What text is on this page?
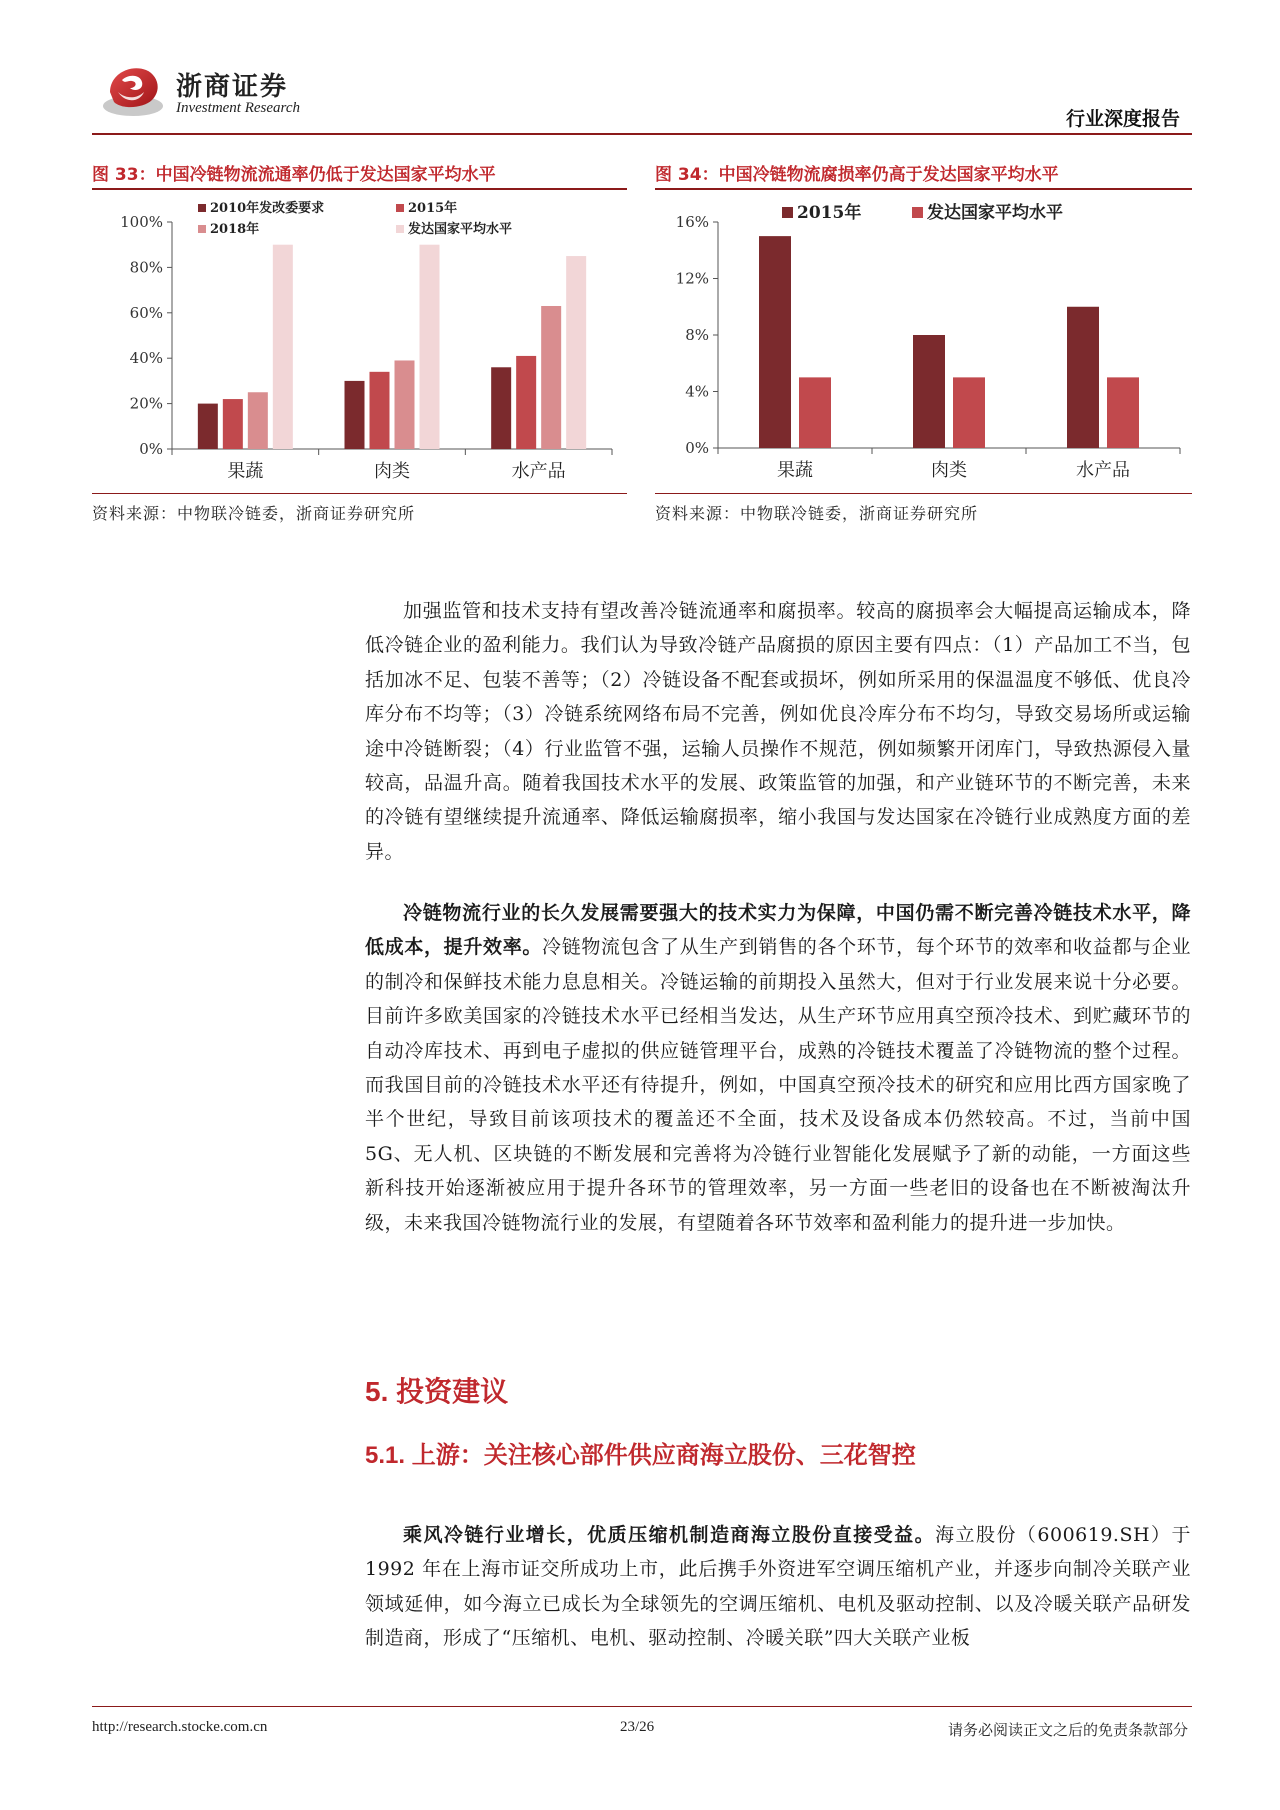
浙商证券
Investment Research	行业深度报告
图 33：中国冷链物流流通率仍低于发达国家平均水平
0%
20%
40%
60%
80%
100%
果蔬	肉类	水产品
2010年发改委要求	2015年
2018年	发达国家平均水平
资料来源：中物联冷链委，浙商证券研究所
图 34：中国冷链物流腐损率仍高于发达国家平均水平
0%
4%
8%
12%
16%
果蔬	肉类	水产品
2015年	发达国家平均水平
资料来源：中物联冷链委，浙商证券研究所
加强监管和技术支持有望改善冷链流通率和腐损率。较高的腐损率会大幅提高运输成本，降低冷链企业的盈利能力。我们认为导致冷链产品腐损的原因主要有四点：（1）产品加工不当，包括加冰不足、包装不善等；（2）冷链设备不配套或损坏，例如所采用的保温温度不够低、优良冷库分布不均等；（3）冷链系统网络布局不完善，例如优良冷库分布不均匀，导致交易场所或运输途中冷链断裂；（4）行业监管不强，运输人员操作不规范，例如频繁开闭库门，导致热源侵入量较高，品温升高。随着我国技术水平的发展、政策监管的加强，和产业链环节的不断完善，未来的冷链有望继续提升流通率、降低运输腐损率，缩小我国与发达国家在冷链行业成熟度方面的差异。
冷链物流行业的长久发展需要强大的技术实力为保障，中国仍需不断完善冷链技术水平，降低成本，提升效率。冷链物流包含了从生产到销售的各个环节，每个环节的效率和收益都与企业的制冷和保鲜技术能力息息相关。冷链运输的前期投入虽然大，但对于行业发展来说十分必要。目前许多欧美国家的冷链技术水平已经相当发达，从生产环节应用真空预冷技术、到贮藏环节的自动冷库技术、再到电子虚拟的供应链管理平台，成熟的冷链技术覆盖了冷链物流的整个过程。而我国目前的冷链技术水平还有待提升，例如，中国真空预冷技术的研究和应用比西方国家晚了半个世纪，导致目前该项技术的覆盖还不全面，技术及设备成本仍然较高。不过，当前中国 5G、无人机、区块链的不断发展和完善将为冷链行业智能化发展赋予了新的动能，一方面这些新科技开始逐渐被应用于提升各环节的管理效率，另一方面一些老旧的设备也在不断被淘汰升级，未来我国冷链物流行业的发展，有望随着各环节效率和盈利能力的提升进一步加快。
5. 投资建议
5.1. 上游：关注核心部件供应商海立股份、三花智控
乘风冷链行业增长，优质压缩机制造商海立股份直接受益。海立股份（600619.SH）于 1992 年在上海市证交所成功上市，此后携手外资进军空调压缩机产业，并逐步向制冷关联产业领域延伸，如今海立已成长为全球领先的空调压缩机、电机及驱动控制、以及冷暖关联产品研发制造商，形成了“压缩机、电机、驱动控制、冷暖关联”四大关联产业板
http://research.stocke.com.cn	23/26	请务必阅读正文之后的免责条款部分
